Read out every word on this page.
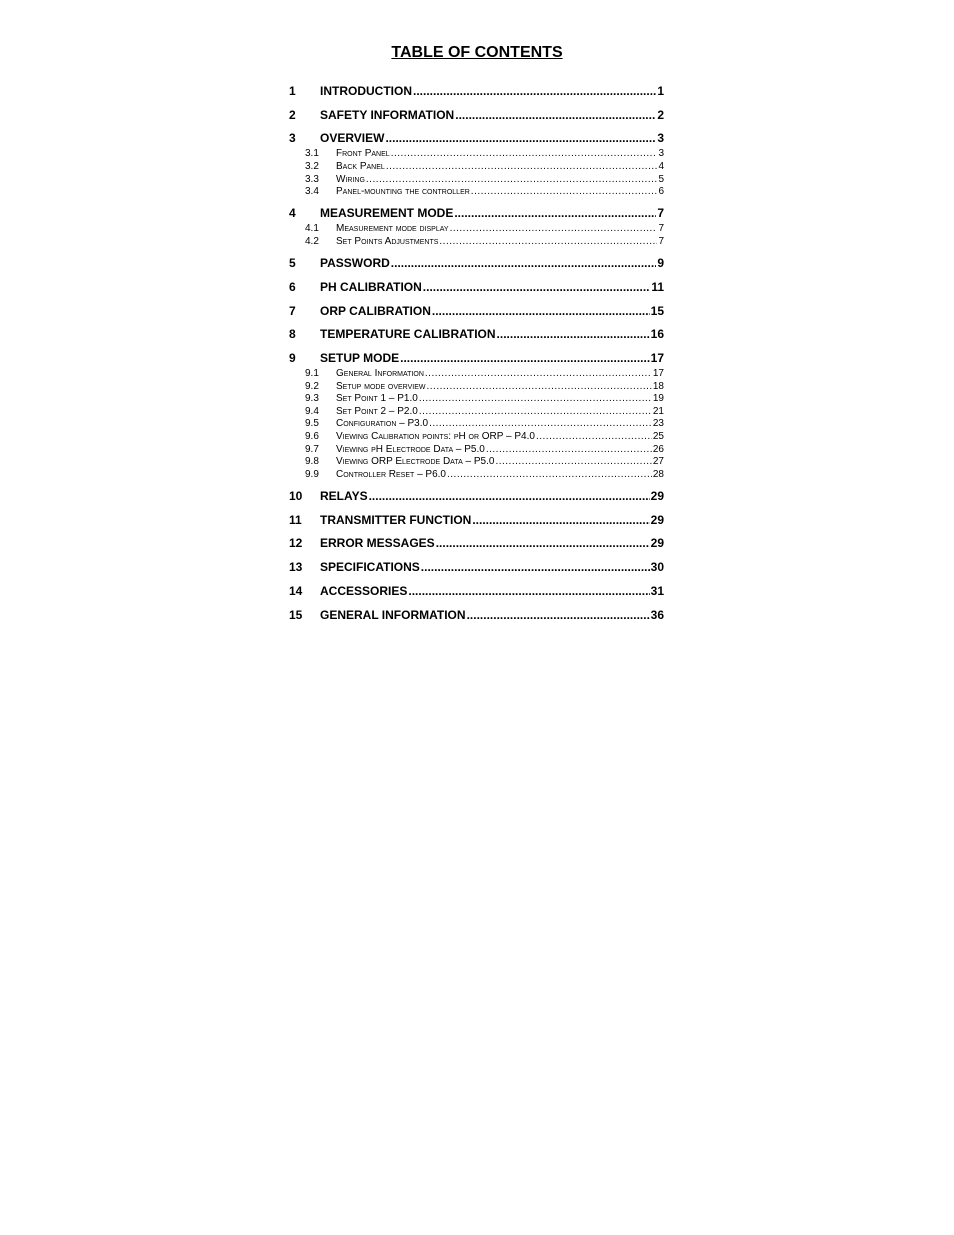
TABLE OF CONTENTS
1	INTRODUCTION .....	1
2	SAFETY INFORMATION .....	2
3	OVERVIEW .....	3
3.1	Front Panel .....	3
3.2	Back Panel .....	4
3.3	Wiring .....	5
3.4	Panel-mounting the controller .....	6
4	MEASUREMENT MODE .....	7
4.1	Measurement mode display .....	7
4.2	Set Points Adjustments .....	7
5	PASSWORD .....	9
6	PH CALIBRATION .....	11
7	ORP CALIBRATION .....	15
8	TEMPERATURE CALIBRATION .....	16
9	SETUP MODE .....	17
9.1	General Information .....	17
9.2	Setup mode overview .....	18
9.3	Set Point 1 – P1.0 .....	19
9.4	Set Point 2 – P2.0 .....	21
9.5	Configuration – P3.0 .....	23
9.6	Viewing Calibration points: pH or ORP – P4.0 .....	25
9.7	Viewing pH Electrode Data – P5.0 .....	26
9.8	Viewing ORP Electrode Data – P5.0 .....	27
9.9	Controller Reset – P6.0 .....	28
10	RELAYS .....	29
11	TRANSMITTER FUNCTION .....	29
12	ERROR MESSAGES .....	29
13	SPECIFICATIONS .....	30
14	ACCESSORIES .....	31
15	GENERAL INFORMATION .....	36
